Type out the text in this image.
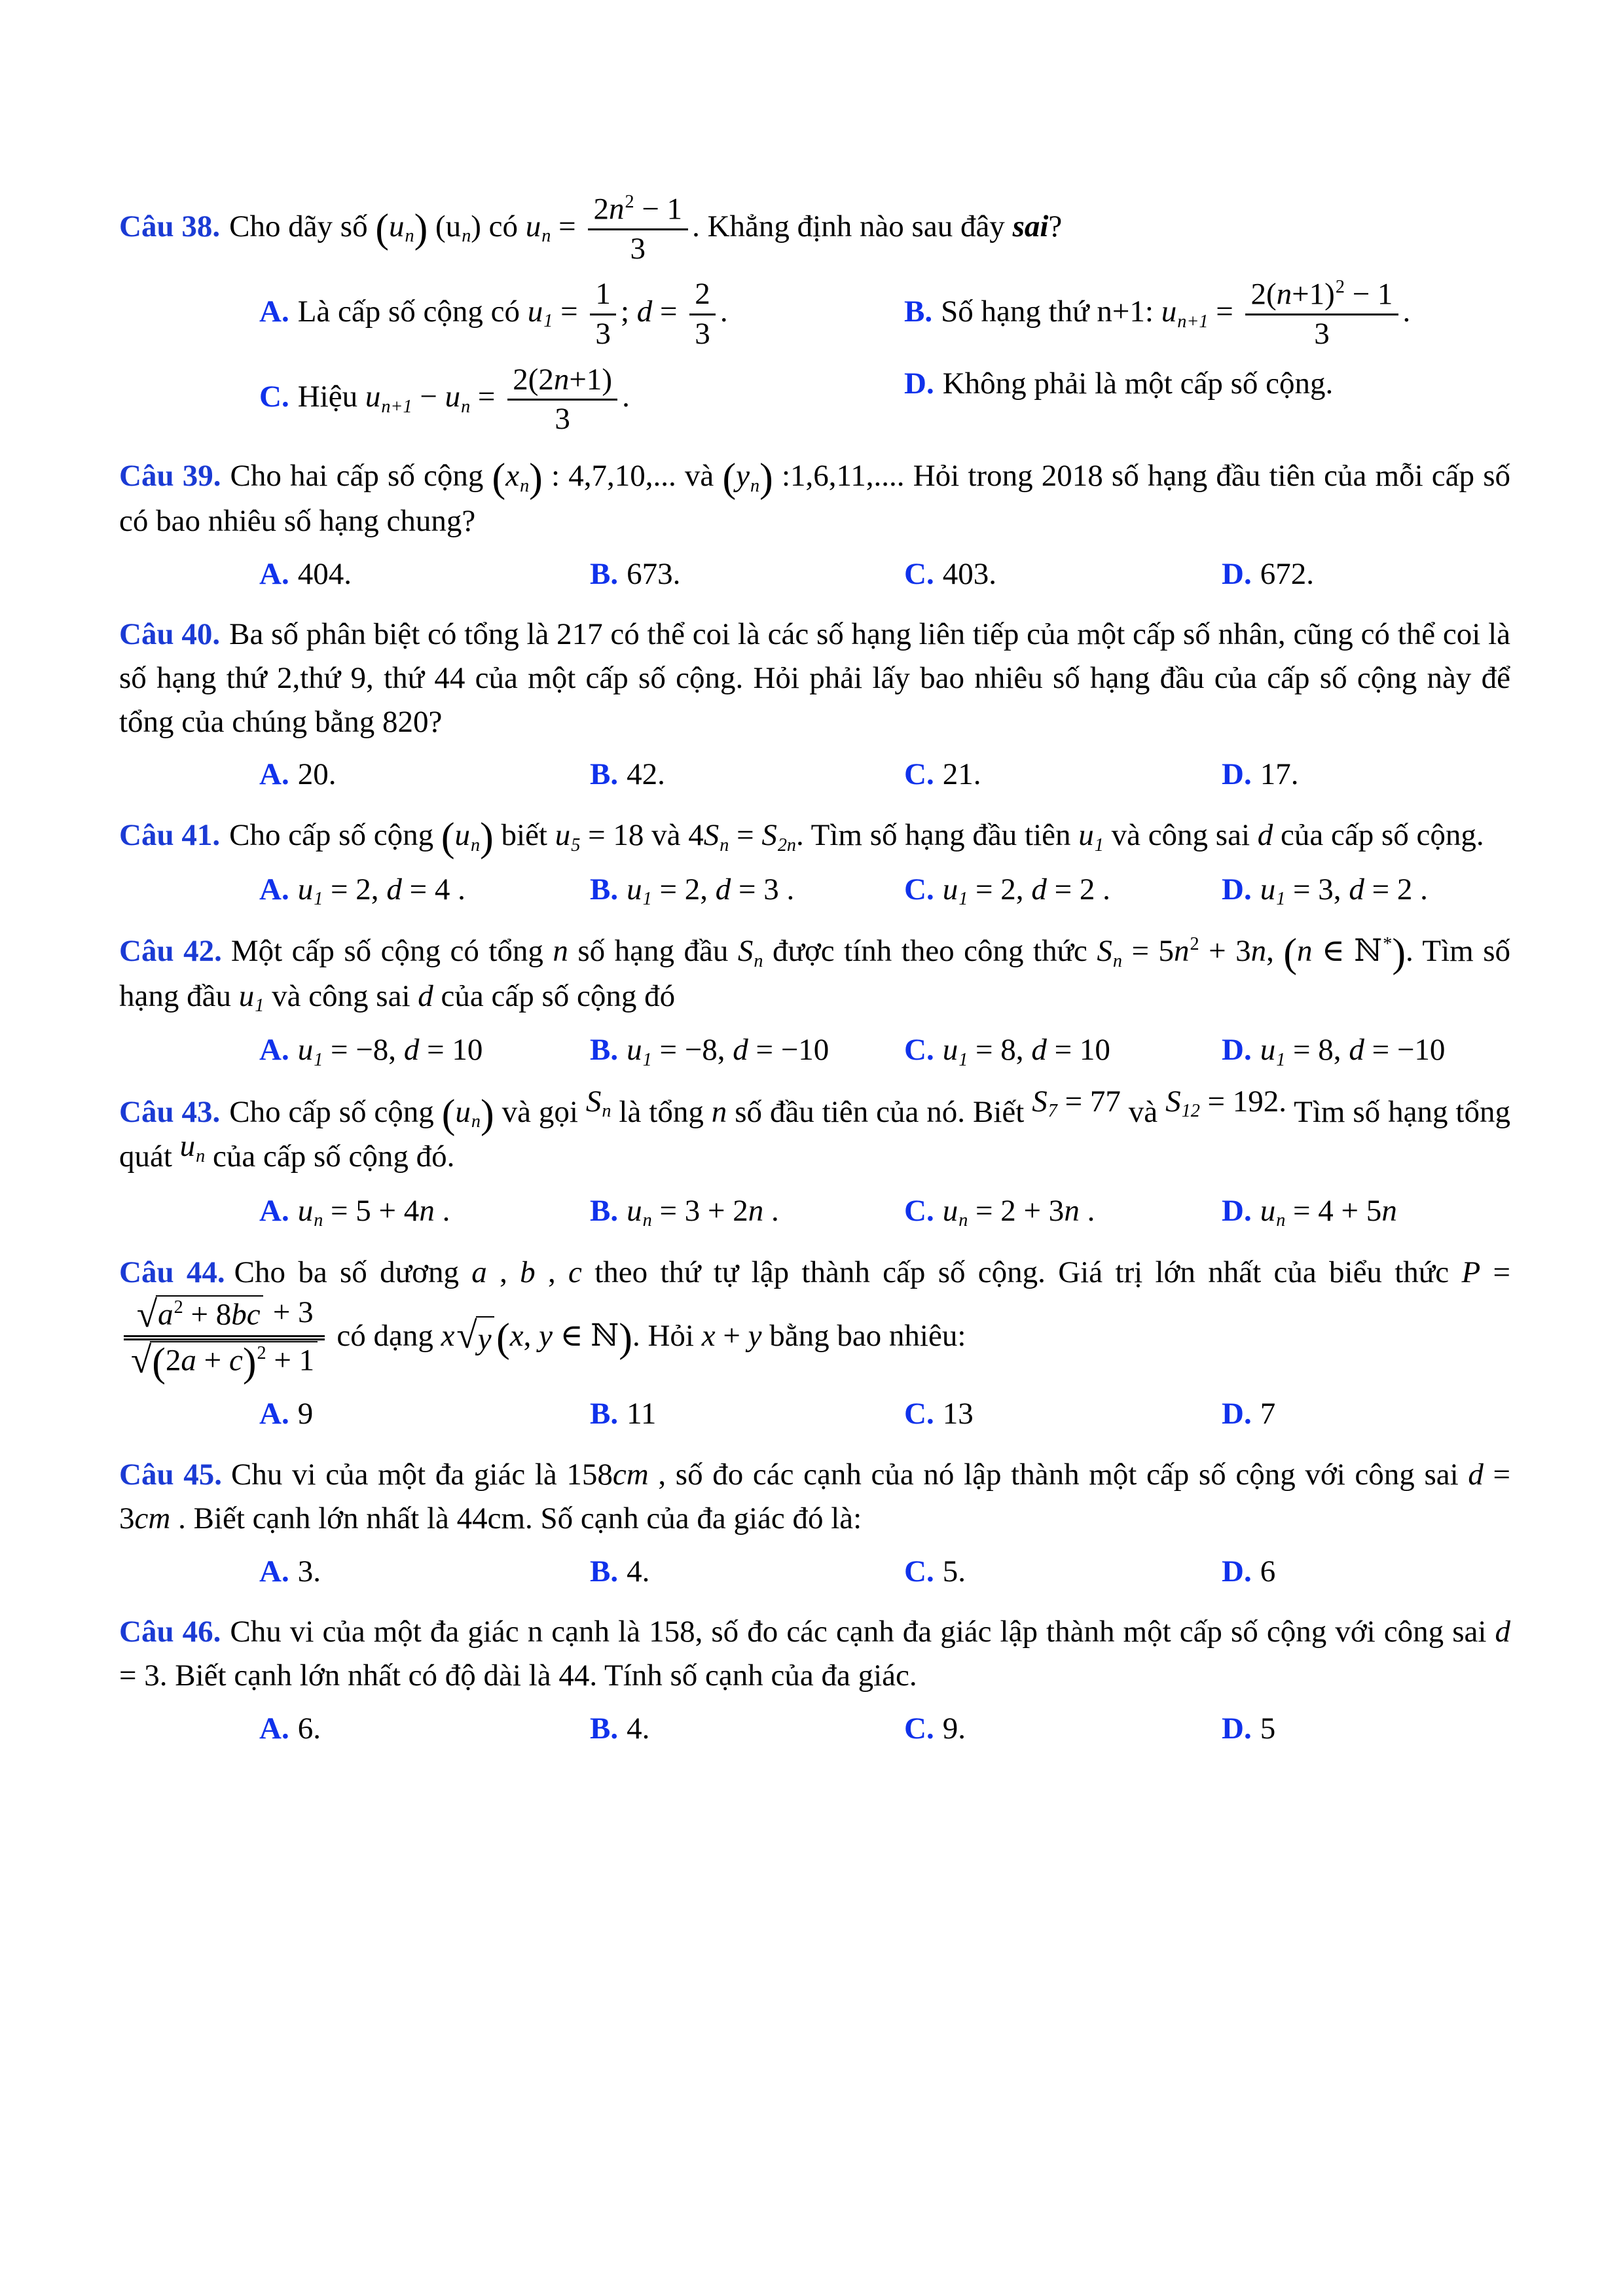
Câu 38. Cho dãy số (un) (un) có un = $\frac{2n^2 - 1}{3}$ . Khẳng định nào sau đây sai?
A. Là cấp số cộng có $u1 = \frac{1}{3}$ ; $d = \frac{2}{3}$ .	B. Số hạng thứ n+1: $un+1 = \frac{2(n+1)^2 - 1}{3}$ .
C. Hiệu un+1 − un = $\frac{2(2n+1)}{3}$ .	D. Không phải là một cấp số cộng.
Câu 39. Cho hai cấp số cộng (xn) : 4,7,10,... và (yn) :1,6,11,.... Hỏi trong 2018 số hạng đầu tiên của mỗi cấp số có bao nhiêu số hạng chung?
A. 404.	B. 673.	C. 403.	D. 672.
Câu 40. Ba số phân biệt có tổng là 217 có thể coi là các số hạng liên tiếp của một cấp số nhân, cũng có thể coi là số hạng thứ 2,thứ 9, thứ 44 của một cấp số cộng. Hỏi phải lấy bao nhiêu số hạng đầu của cấp số cộng này để tổng của chúng bằng 820?
A. 20.	B. 42.	C. 21.	D. 17.
Câu 41. Cho cấp số cộng (un) biết u5 = 18 và 4Sn = S2n. Tìm số hạng đầu tiên u1 và công sai d của cấp số cộng.
A. u1 = 2, d = 4 .	B. u1 = 2, d = 3 .	C. u1 = 2, d = 2 .	D. u1 = 3, d = 2 .
Câu 42. Một cấp số cộng có tổng n số hạng đầu Sn được tính theo công thức $Sn = 5n^2 + 3n$, (n ∈ ℕ*). Tìm số hạng đầu u1 và công sai d của cấp số cộng đó
A. u1 = −8, d = 10	B. u1 = −8, d = −10	C. u1 = 8, d = 10	D. u1 = 8, d = −10
Câu 43. Cho cấp số cộng (un) và gọi Sn là tổng n số đầu tiên của nó. Biết S7 = 77 và S12 = 192. Tìm số hạng tổng quát un của cấp số cộng đó.
A. un = 5 + 4n .	B. un = 3 + 2n .	C. un = 2 + 3n .	D. un = 4 + 5n
Câu 44. Cho ba số dương a , b , c theo thứ tự lập thành cấp số cộng. Giá trị lớn nhất của biểu thức P =
$\frac{√ a^2 + 8bc + 3}{√ (2a + c)^2 + 1}$ có dạng x √ y (x, y ∈ ℕ). Hỏi x + y bằng bao nhiêu:
A. 9	B. 11	C. 13	D. 7
Câu 45. Chu vi của một đa giác là 158cm , số đo các cạnh của nó lập thành một cấp số cộng với công sai d = 3cm . Biết cạnh lớn nhất là 44cm. Số cạnh của đa giác đó là:
A. 3.	B. 4.	C. 5.	D. 6
Câu 46. Chu vi của một đa giác n cạnh là 158, số đo các cạnh đa giác lập thành một cấp số cộng với công sai d = 3. Biết cạnh lớn nhất có độ dài là 44. Tính số cạnh của đa giác.
A. 6.	B. 4.	C. 9.	D. 5
